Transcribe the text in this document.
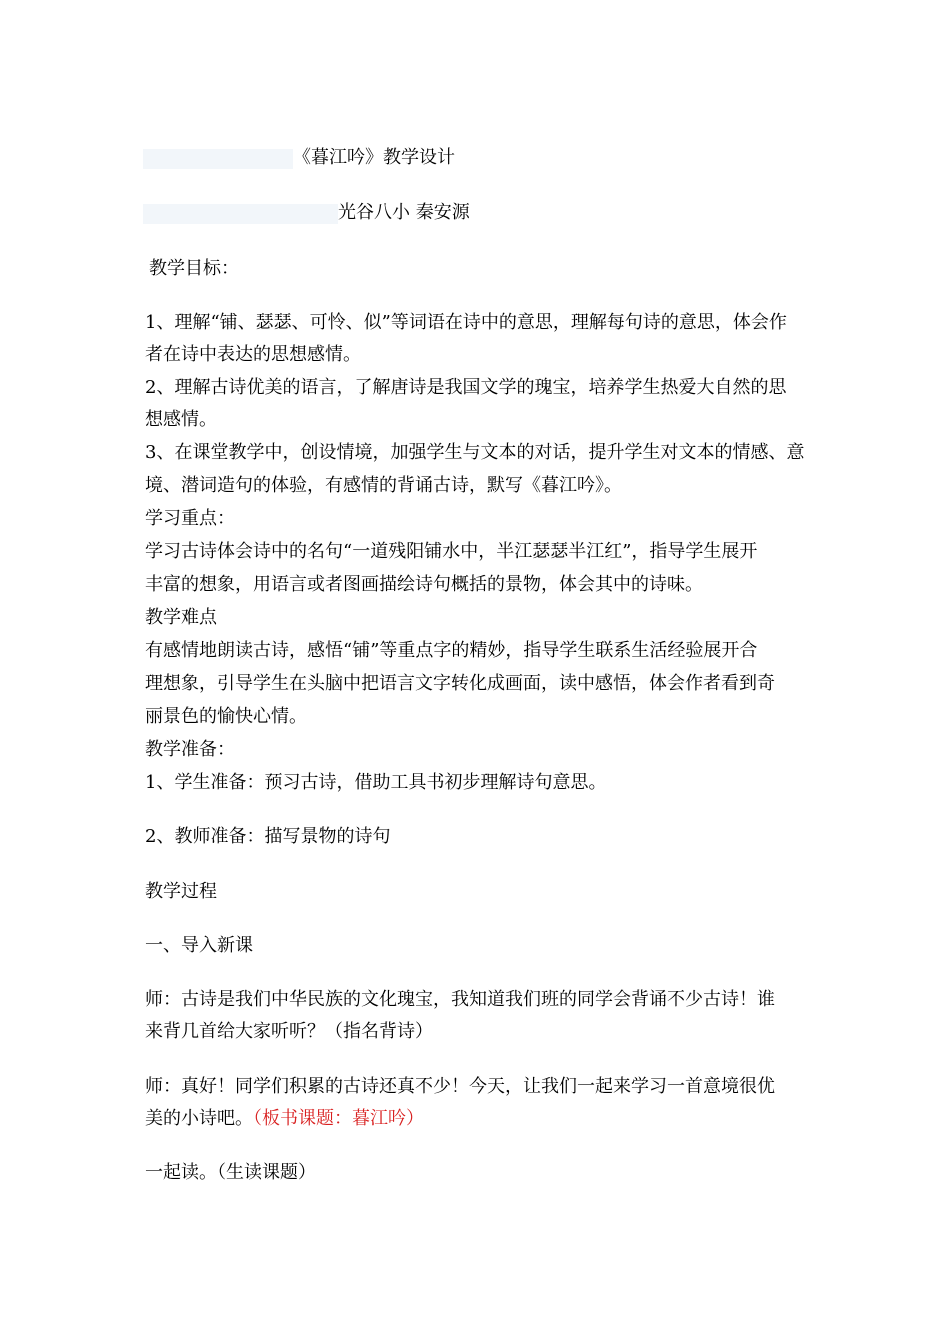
《暮江吟》教学设计
光谷八小 秦安源
教学目标：
1、理解“铺、瑟瑟、可怜、似”等词语在诗中的意思，理解每句诗的意思，体会作
者在诗中表达的思想感情。
2、理解古诗优美的语言，了解唐诗是我国文学的瑰宝，培养学生热爱大自然的思
想感情。
3、在课堂教学中，创设情境，加强学生与文本的对话，提升学生对文本的情感、意
境、潜词造句的体验，有感情的背诵古诗，默写《暮江吟》。
学习重点：
学习古诗体会诗中的名句“一道残阳铺水中，半江瑟瑟半江红”，指导学生展开
丰富的想象，用语言或者图画描绘诗句概括的景物，体会其中的诗味。
教学难点
有感情地朗读古诗，感悟“铺”等重点字的精妙，指导学生联系生活经验展开合
理想象，引导学生在头脑中把语言文字转化成画面，读中感悟，体会作者看到奇
丽景色的愉快心情。
教学准备：
1、学生准备：预习古诗，借助工具书初步理解诗句意思。
2、教师准备：描写景物的诗句
教学过程
一、导入新课
师：古诗是我们中华民族的文化瑰宝，我知道我们班的同学会背诵不少古诗！谁
来背几首给大家听听？（指名背诗）
师：真好！同学们积累的古诗还真不少！今天，让我们一起来学习一首意境很优
美的小诗吧。（板书课题：暮江吟）
一起读。（生读课题）
